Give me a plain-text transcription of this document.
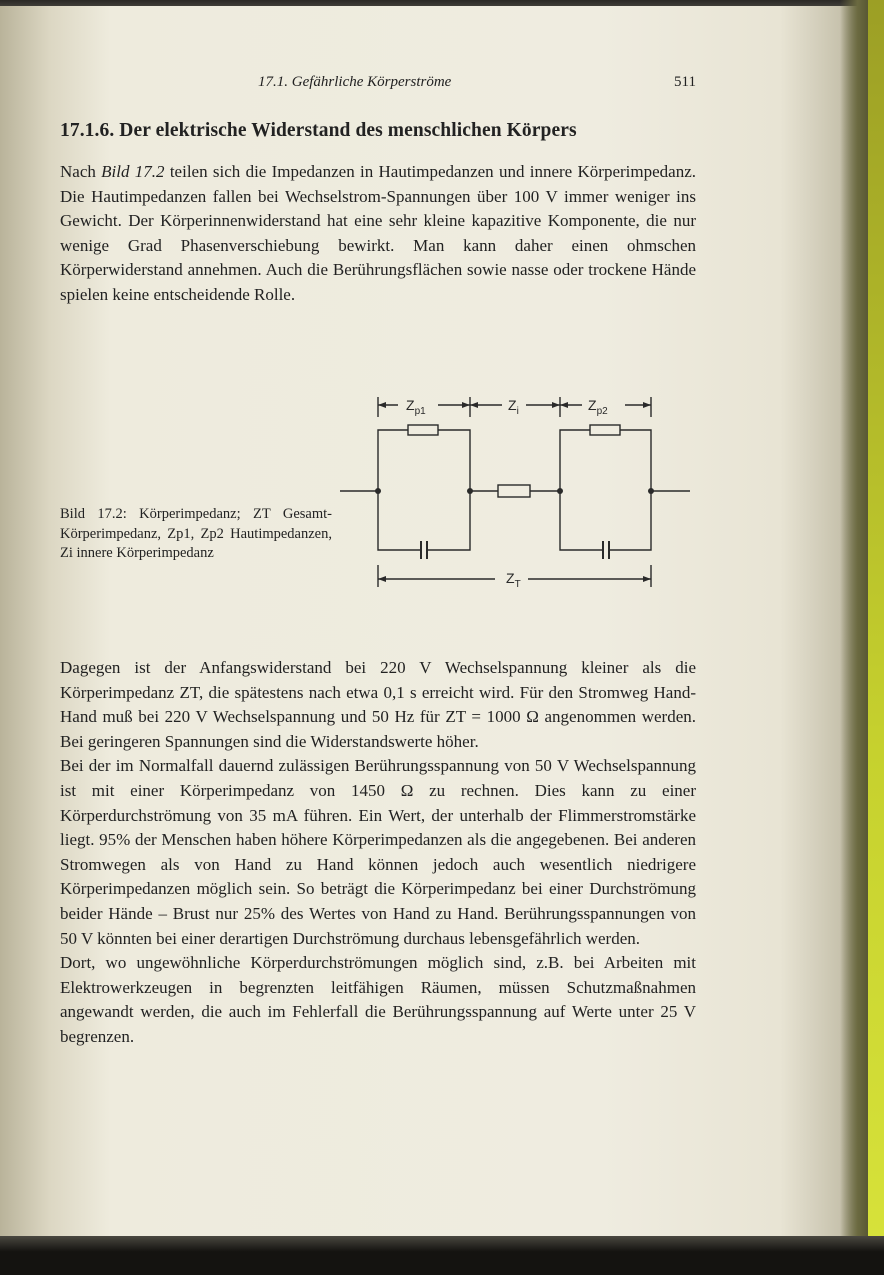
17.1. Gefährliche Körperströme	511
17.1.6. Der elektrische Widerstand des menschlichen Körpers
Nach Bild 17.2 teilen sich die Impedanzen in Hautimpedanzen und innere Körperimpedanz. Die Hautimpedanzen fallen bei Wechselstrom-Spannungen über 100 V immer weniger ins Gewicht. Der Körperinnenwiderstand hat eine sehr kleine kapazitive Komponente, die nur wenige Grad Phasenverschiebung bewirkt. Man kann daher einen ohmschen Körperwiderstand annehmen. Auch die Berührungsflächen sowie nasse oder trockene Hände spielen keine entscheidende Rolle.
Bild 17.2: Körperimpedanz; ZT Gesamt-Körperimpedanz, Zp1, Zp2 Hautimpedanzen, Zi innere Körperimpedanz
$Z_{p1}$	$Z_i$	$Z_{p2}$
$Z_T$
Dagegen ist der Anfangswiderstand bei 220 V Wechselspannung kleiner als die Körperimpedanz ZT, die spätestens nach etwa 0,1 s erreicht wird. Für den Stromweg Hand-Hand muß bei 220 V Wechselspannung und 50 Hz für ZT = 1000 Ω angenommen werden. Bei geringeren Spannungen sind die Widerstandswerte höher.
Bei der im Normalfall dauernd zulässigen Berührungsspannung von 50 V Wechselspannung ist mit einer Körperimpedanz von 1450 Ω zu rechnen. Dies kann zu einer Körperdurchströmung von 35 mA führen. Ein Wert, der unterhalb der Flimmerstromstärke liegt. 95% der Menschen haben höhere Körperimpedanzen als die angegebenen. Bei anderen Stromwegen als von Hand zu Hand können jedoch auch wesentlich niedrigere Körperimpedanzen möglich sein. So beträgt die Körperimpedanz bei einer Durchströmung beider Hände – Brust nur 25% des Wertes von Hand zu Hand. Berührungsspannungen von 50 V könnten bei einer derartigen Durchströmung durchaus lebensgefährlich werden.
Dort, wo ungewöhnliche Körperdurchströmungen möglich sind, z.B. bei Arbeiten mit Elektrowerkzeugen in begrenzten leitfähigen Räumen, müssen Schutzmaßnahmen angewandt werden, die auch im Fehlerfall die Berührungsspannung auf Werte unter 25 V begrenzen.
